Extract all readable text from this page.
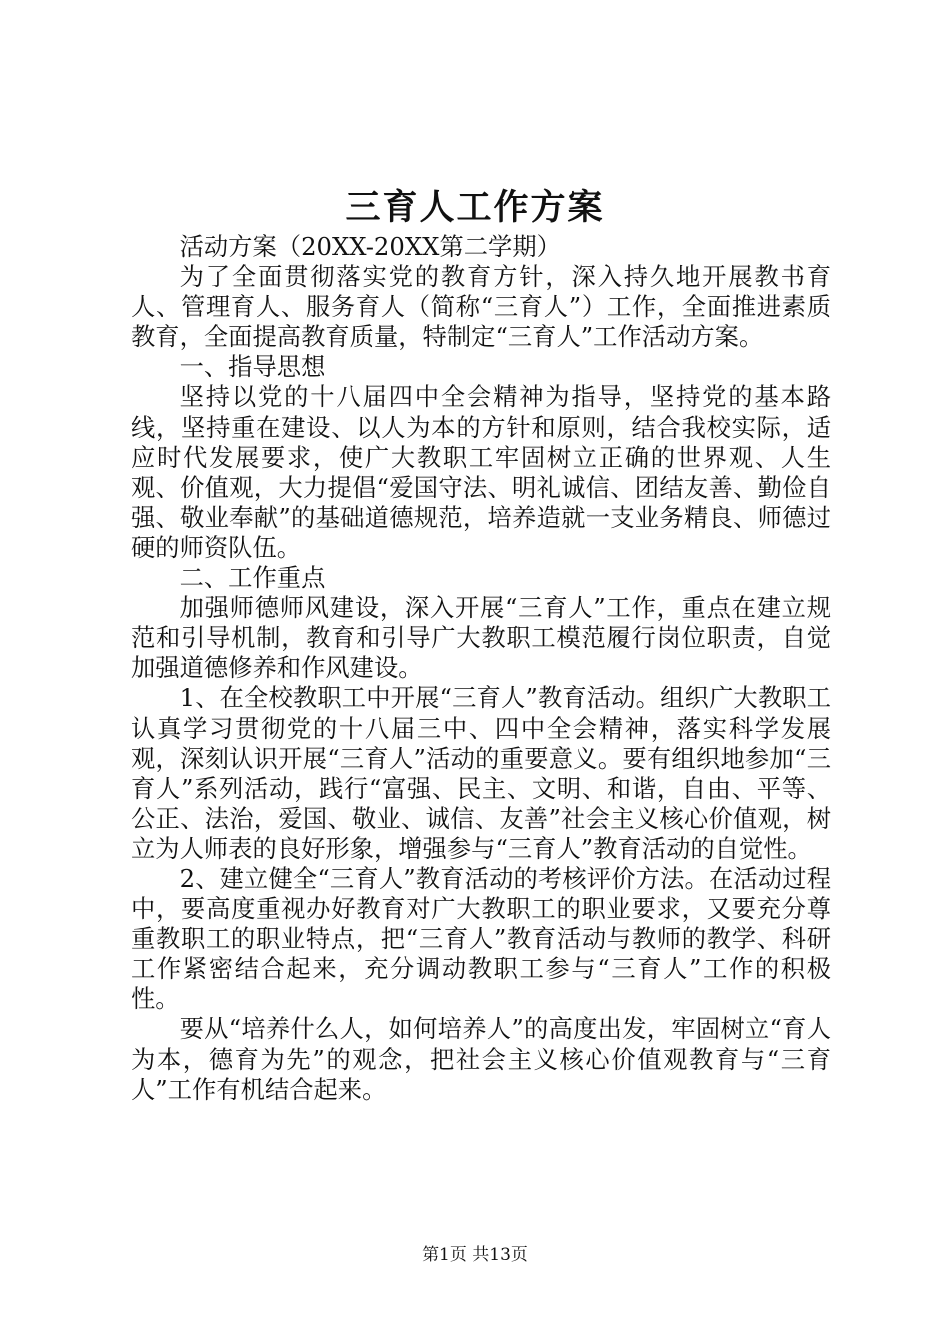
三育人工作方案

活动方案（20XX-20XX第二学期）

为了全面贯彻落实党的教育方针，深入持久地开展教书育人、管理育人、服务育人（简称“三育人”）工作，全面推进素质教育，全面提高教育质量，特制定“三育人”工作活动方案。

一、指导思想

坚持以党的十八届四中全会精神为指导，坚持党的基本路线，坚持重在建设、以人为本的方针和原则，结合我校实际，适应时代发展要求，使广大教职工牢固树立正确的世界观、人生观、价值观，大力提倡“爱国守法、明礼诚信、团结友善、勤俭自强、敬业奉献”的基础道德规范，培养造就一支业务精良、师德过硬的师资队伍。

二、工作重点

加强师德师风建设，深入开展“三育人”工作，重点在建立规范和引导机制，教育和引导广大教职工模范履行岗位职责，自觉加强道德修养和作风建设。

1、在全校教职工中开展“三育人”教育活动。组织广大教职工认真学习贯彻党的十八届三中、四中全会精神，落实科学发展观，深刻认识开展“三育人”活动的重要意义。要有组织地参加“三育人”系列活动，践行“富强、民主、文明、和谐，自由、平等、公正、法治，爱国、敬业、诚信、友善”社会主义核心价值观，树立为人师表的良好形象，增强参与“三育人”教育活动的自觉性。

2、建立健全“三育人”教育活动的考核评价方法。在活动过程中，要高度重视办好教育对广大教职工的职业要求，又要充分尊重教职工的职业特点，把“三育人”教育活动与教师的教学、科研工作紧密结合起来，充分调动教职工参与“三育人”工作的积极性。

要从“培养什么人，如何培养人”的高度出发，牢固树立“育人为本，德育为先”的观念，把社会主义核心价值观教育与“三育人”工作有机结合起来。

第1页 共13页
